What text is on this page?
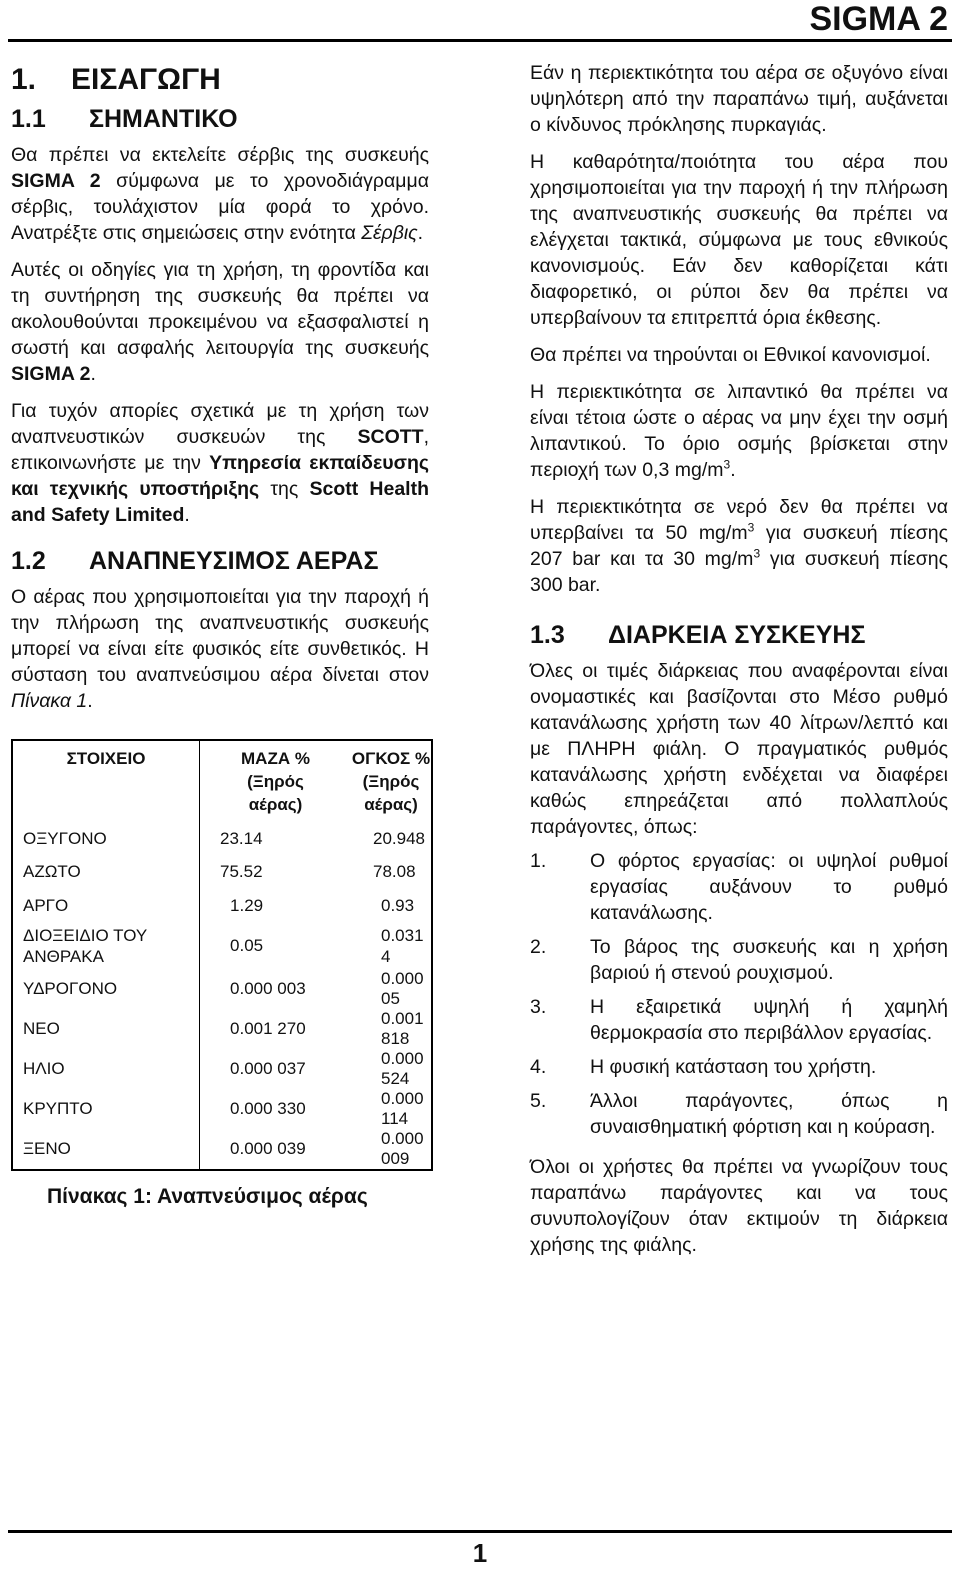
SIGMA 2
1. ΕΙΣΑΓΩΓΗ
1.1 ΣΗΜΑΝΤΙΚΟ

Θα πρέπει να εκτελείτε σέρβις της συσκευής SIGMA 2 σύμφωνα με το χρονοδιάγραμμα σέρβις, τουλάχιστον μία φορά το χρόνο. Ανατρέξτε στις σημειώσεις στην ενότητα Σέρβις.

Αυτές οι οδηγίες για τη χρήση, τη φροντίδα και τη συντήρηση της συσκευής θα πρέπει να ακολουθούνται προκειμένου να εξασφαλιστεί η σωστή και ασφαλής λειτουργία της συσκευής SIGMA 2.

Για τυχόν απορίες σχετικά με τη χρήση των αναπνευστικών συσκευών της SCOTT, επικοινωνήστε με την Υπηρεσία εκπαίδευσης και τεχνικής υποστήριξης της Scott Health and Safety Limited.

1.2 ΑΝΑΠΝΕΥΣΙΜΟΣ ΑΕΡΑΣ

Ο αέρας που χρησιμοποιείται για την παροχή ή την πλήρωση της αναπνευστικής συσκευής μπορεί να είναι είτε φυσικός είτε συνθετικός. Η σύσταση του αναπνεύσιμου αέρα δίνεται στον Πίνακα 1.

ΣΤΟΙΧΕΙΟ	ΜΑΖΑ % (Ξηρός αέρας)	ΟΓΚΟΣ % (Ξηρός αέρας)
ΟΞΥΓΟΝΟ	23.14	20.948
ΑΖΩΤΟ	75.52	78.08
ΑΡΓΟ	1.29	0.93
ΔΙΟΞΕΙΔΙΟ ΤΟΥ ΑΝΘΡΑΚΑ	0.05	0.031 4
ΥΔΡΟΓΟΝΟ	0.000 003	0.000 05
ΝΕΟ	0.001 270	0.001 818
ΗΛΙΟ	0.000 037	0.000 524
ΚΡΥΠΤΟ	0.000 330	0.000 114
ΞΕΝΟ	0.000 039	0.000 009
Πίνακας 1: Αναπνεύσιμος αέρας

Εάν η περιεκτικότητα του αέρα σε οξυγόνο είναι υψηλότερη από την παραπάνω τιμή, αυξάνεται ο κίνδυνος πρόκλησης πυρκαγιάς.

Η καθαρότητα/ποιότητα του αέρα που χρησιμοποιείται για την παροχή ή την πλήρωση της αναπνευστικής συσκευής θα πρέπει να ελέγχεται τακτικά, σύμφωνα με τους εθνικούς κανονισμούς. Εάν δεν καθορίζεται κάτι διαφορετικό, οι ρύποι δεν θα πρέπει να υπερβαίνουν τα επιτρεπτά όρια έκθεσης.

Θα πρέπει να τηρούνται οι Εθνικοί κανονισμοί.

Η περιεκτικότητα σε λιπαντικό θα πρέπει να είναι τέτοια ώστε ο αέρας να μην έχει την οσμή λιπαντικού. Το όριο οσμής βρίσκεται στην περιοχή των 0,3 $mg/m^3$.

Η περιεκτικότητα σε νερό δεν θα πρέπει να υπερβαίνει τα 50 $mg/m^3$ για συσκευή πίεσης 207 bar και τα 30 $mg/m^3$ για συσκευή πίεσης 300 bar.

1.3 ΔΙΑΡΚΕΙΑ ΣΥΣΚΕΥΗΣ

Όλες οι τιμές διάρκειας που αναφέρονται είναι ονομαστικές και βασίζονται στο Μέσο ρυθμό κατανάλωσης χρήστη των 40 λίτρων/λεπτό και με ΠΛΗΡΗ φιάλη. Ο πραγματικός ρυθμός κατανάλωσης χρήστη ενδέχεται να διαφέρει καθώς επηρεάζεται από πολλαπλούς παράγοντες, όπως:

1. Ο φόρτος εργασίας: οι υψηλοί ρυθμοί εργασίας αυξάνουν το ρυθμό κατανάλωσης.
2. Το βάρος της συσκευής και η χρήση βαριού ή στενού ρουχισμού.
3. Η εξαιρετικά υψηλή ή χαμηλή θερμοκρασία στο περιβάλλον εργασίας.
4. Η φυσική κατάσταση του χρήστη.
5. Άλλοι παράγοντες, όπως η συναισθηματική φόρτιση και η κούραση.

Όλοι οι χρήστες θα πρέπει να γνωρίζουν τους παραπάνω παράγοντες και να τους συνυπολογίζουν όταν εκτιμούν τη διάρκεια χρήσης της φιάλης.

1
